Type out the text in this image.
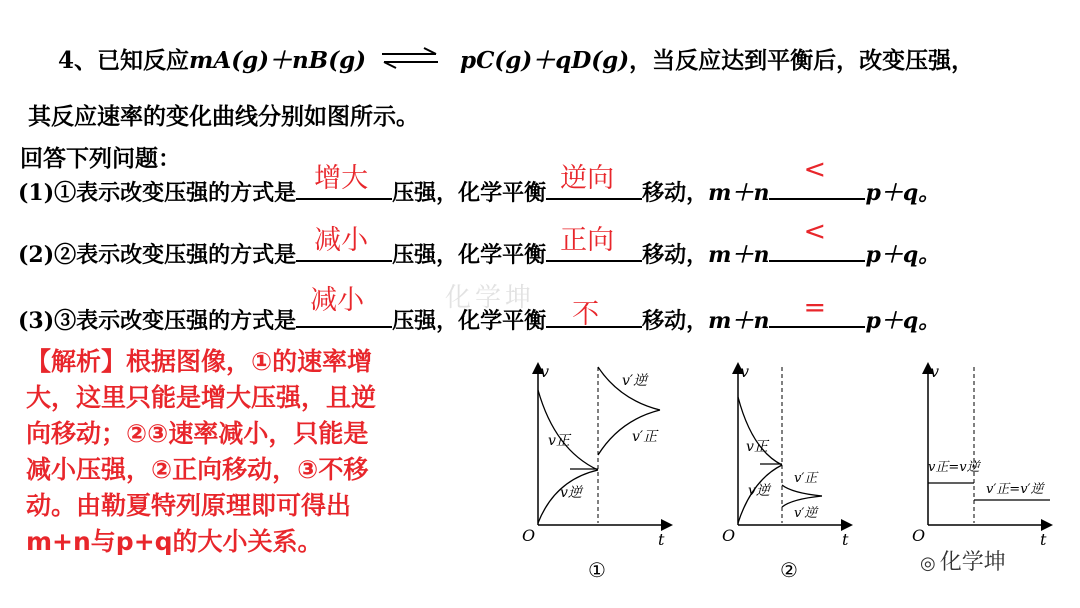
4、已知反应mA(g)＋nB(g) ⇌ pC(g)＋qD(g)，当反应达到平衡后，改变压强，
其反应速率的变化曲线分别如图所示。
回答下列问题：
(1)①表示改变压强的方式是 增大 压强，化学平衡 逆向 移动，m＋n
<
p＋q。
(2)②表示改变压强的方式是 减小 压强，化学平衡 正向 移动，m＋n
<
p＋q。
(3)③表示改变压强的方式是
减小
压强，化学平衡 不 移动，m＋n = p＋q。
化学坤
【解析】根据图像，①的速率增
大，这里只能是增大压强，且逆
向移动；②③速率减小，只能是
减小压强，②正向移动，③不移
动。由勒夏特列原理即可得出
m+n与p+q的大小关系。
v
t
O
v正
v逆
v′逆
v′正
①
v
t
O
v正
v逆
v′正
v′逆
②
v
t
O
v正=v逆
v′正=v′逆
◎ 化学坤
